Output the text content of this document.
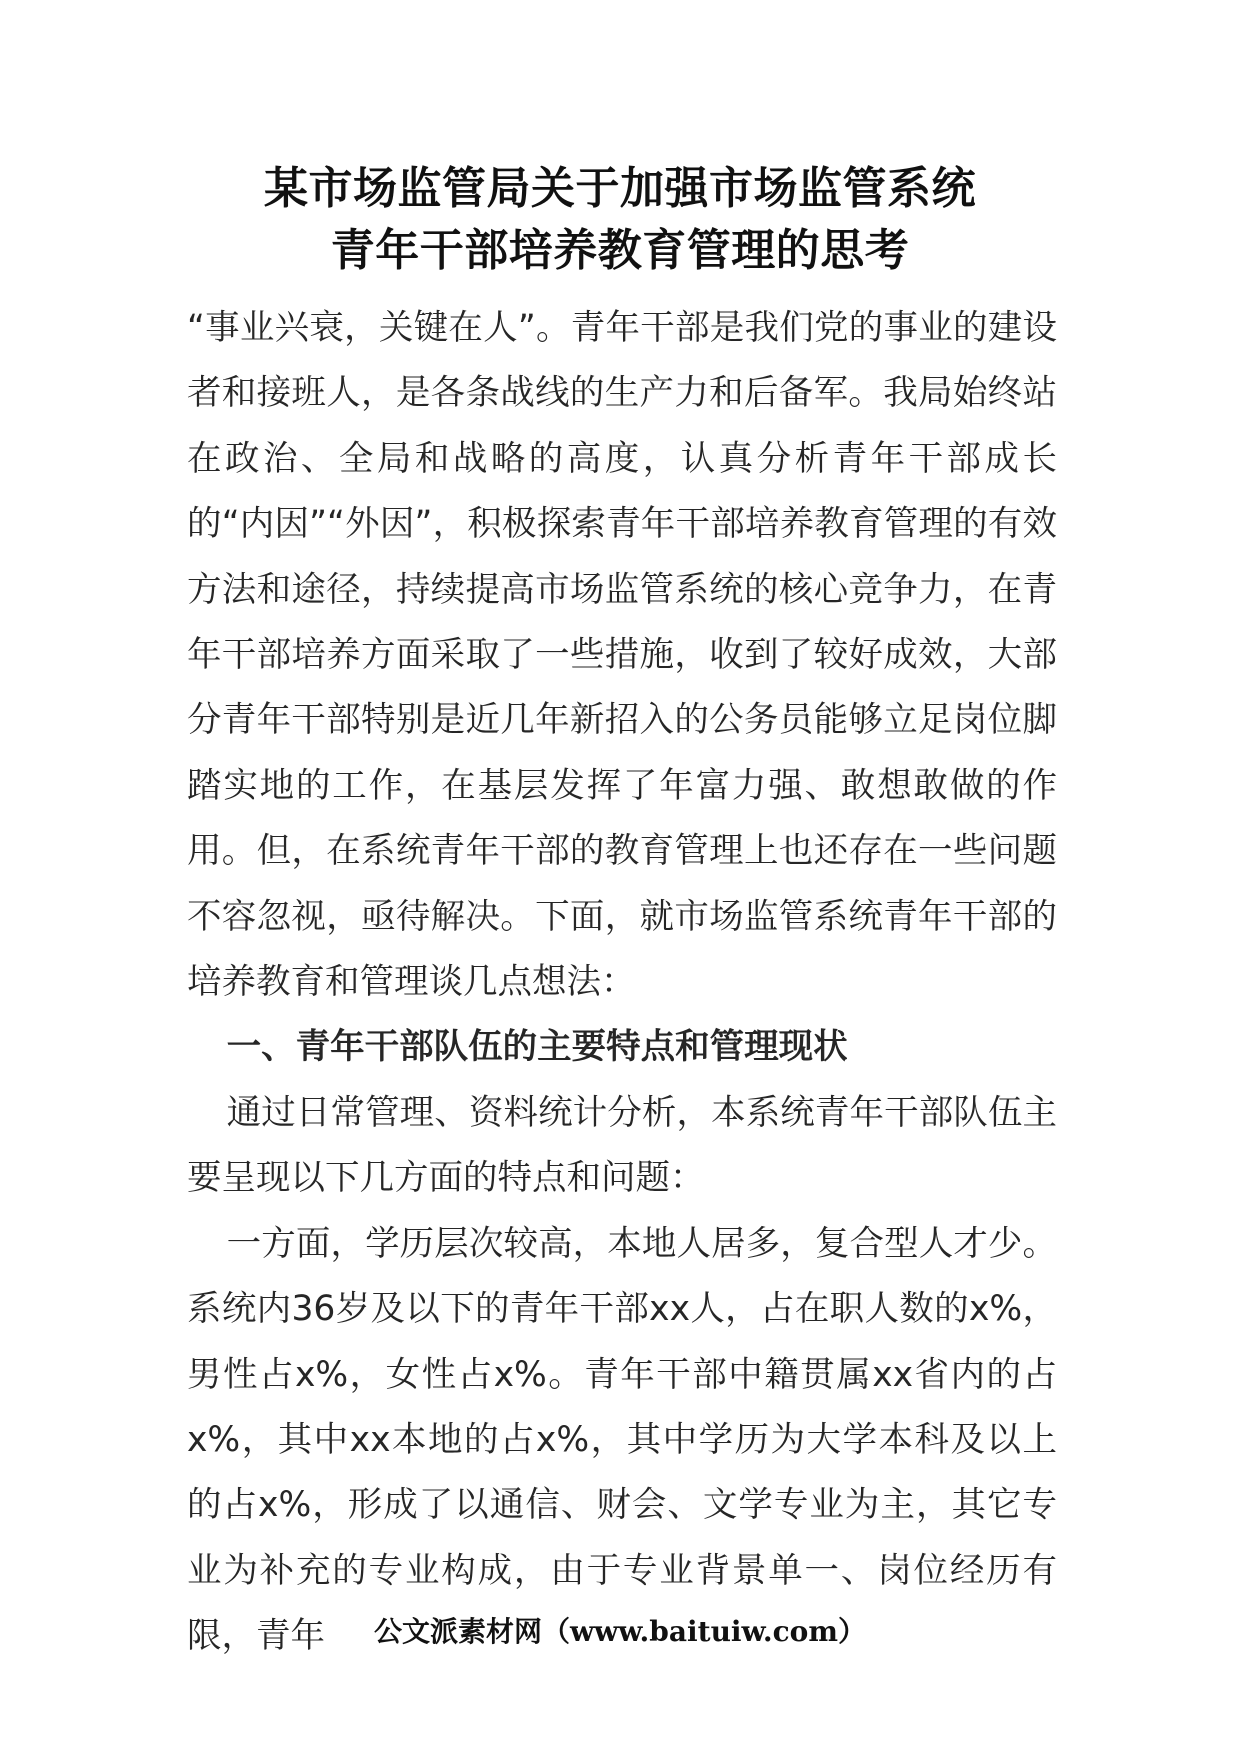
某市场监管局关于加强市场监管系统
青年干部培养教育管理的思考

“事业兴衰，关键在人”。青年干部是我们党的事业的建设者和接班人，是各条战线的生产力和后备军。我局始终站在政治、全局和战略的高度，认真分析青年干部成长的“内因”“外因”，积极探索青年干部培养教育管理的有效方法和途径，持续提高市场监管系统的核心竞争力，在青年干部培养方面采取了一些措施，收到了较好成效，大部分青年干部特别是近几年新招入的公务员能够立足岗位脚踏实地的工作，在基层发挥了年富力强、敢想敢做的作用。但，在系统青年干部的教育管理上也还存在一些问题不容忽视，亟待解决。下面，就市场监管系统青年干部的培养教育和管理谈几点想法：

一、青年干部队伍的主要特点和管理现状

通过日常管理、资料统计分析，本系统青年干部队伍主要呈现以下几方面的特点和问题：

一方面，学历层次较高，本地人居多，复合型人才少。系统内36岁及以下的青年干部xx人，占在职人数的x%，男性占x%，女性占x%。青年干部中籍贯属xx省内的占x%，其中xx本地的占x%，其中学历为大学本科及以上的占x%，形成了以通信、财会、文学专业为主，其它专业为补充的专业构成，由于专业背景单一、岗位经历有限，青年	公文派素材网（www.baituiw.com）
